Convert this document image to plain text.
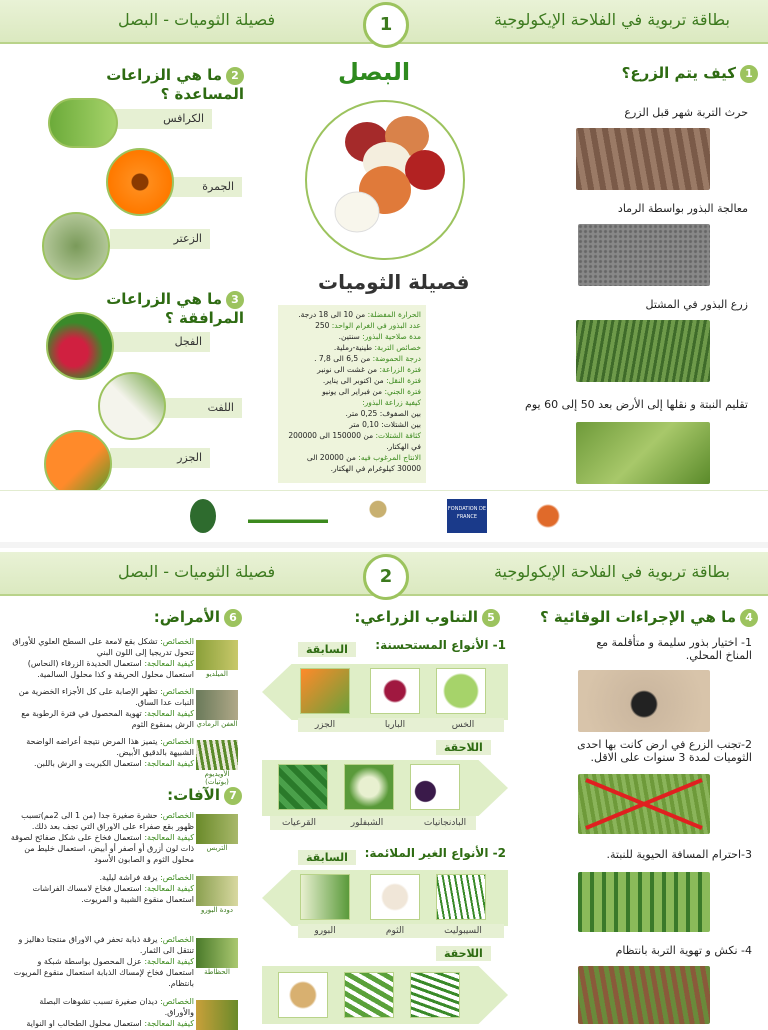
بطاقة تربوية في الفلاحة الإيكولوجية
فصيلة الثوميات - البصل	1
البصل
فصيلة الثوميات
الحرارة المفضلة: من 10 الى 18 درجة.
عدد البذور في الغرام الواحد: 250
مدة صلاحية البذور: سنتين.
خصائص التربة: طينية-رملية.
درجة الحموضة: من 6,5 الى 7,8 .
فترة الزراعة: من غشت الى نونبر
فترة النقل: من اكتوبر الى يناير.
فترة الجني: من فبراير الى يونيو
كيفية زراعة البذور:
بين الصفوف: 0,25 متر.
بين الشتلات: 0,10 متر
كثافة الشتلات: من 150000 الى 200000 في الهكتار.
الانتاج المرغوب فيه: من 20000 الى 30000 كيلوغرام في الهكتار.
1كيف يتم الزرع؟
حرث التربة شهر قبل الزرع
معالجة البذور بواسطة الرماد
زرع البذور في المشتل
تقليم النبتة و نقلها إلى الأرض بعد 50 إلى 60 يوم
2ما هي الزراعات المساعدة ؟
الكرافس
الجمرة
الزعتر
3ما هي الزراعات المرافقة ؟
الفجل
اللفت
الجزر
FONDATION DE FRANCE
بطاقة تربوية في الفلاحة الإيكولوجية
فصيلة الثوميات - البصل	2
4ما هي الإجراءات الوقائية ؟
1- اختيار بذور سليمة و متأقلمة مع المناخ المحلي.
2-تجنب الزرع في ارض كانت بها احدى الثوميات لمدة 3 سنوات على الاقل.
3-احترام المسافة الحيوية للنبتة.
4- نكش و تهوية التربة بانتظام
5التناوب الزراعي:
1- الأنواع المستحسنة:
السابقة
الجزر	الباربا	الخس
اللاحقة
القرعيات	الشبفلور	البادنجانيات
2- الأنواع الغير الملائمة:
السابقة
البورو	الثوم	السيبوليت
اللاحقة
6الأمراض:
الخصائص: تشكل بقع لامعة على السطح العلوي للأوراق تتحول تدريجيا إلى اللون البني
كيفية المعالجة: استعمال الحديدة الزرقاء (النحاس) استعمال محلول الحريقة و كذا محلول السالمية.	الميلديو
الخصائص: تظهر الإصابة على كل الأجزاء الخضرية من النبات عدا الساق.
كيفية المعالجة: تهوية المحصول في فترة الرطوبة مع الرش بمنقوع الثوم العفن الرمادي
الخصائص: يتميز هذا المرض نتيجة أعراضه الواضحة الشبيهة بالدقيق الأبيض.
كيفية المعالجة: استعمال الكبريت و الرش باللبن.
الأويديوم (بوتيات)
7الآفات:
الخصائص: حشرة صغيرة جدا (من 1 الى 2مم)تسبب ظهور بقع صفراء على الاوراق التي تجف بعد ذلك.
كيفية المعالجة: استعمال فخاخ على شكل صفائح لصوقة ذات لون أزرق أو أصفر أو أبيض، استعمال خليط من محلول الثوم و الصابون الأسود
التربس
الخصائص: يرقة فراشة ليلية.
كيفية المعالجة: استعمال فخاخ لامساك الفراشات استعمال منقوع الشيبة و المريوت.
دودة البورو
الخصائص: يرقة ذبابة تحفر في الاوراق منتجتا دهاليز و تنتقل الى الثمار.
كيفية المعالجة: عزل المحصول بواسطة شبكة و استعمال فخاخ لإمساك الذبابة استعمال منقوع المريوت بانتظام.
الحظاطة
الخصائص: ديدان صغيرة تسبب تشوهات البصلة والأوراق.
كيفية المعالجة: استعمال محلول الطحالب او النواية
